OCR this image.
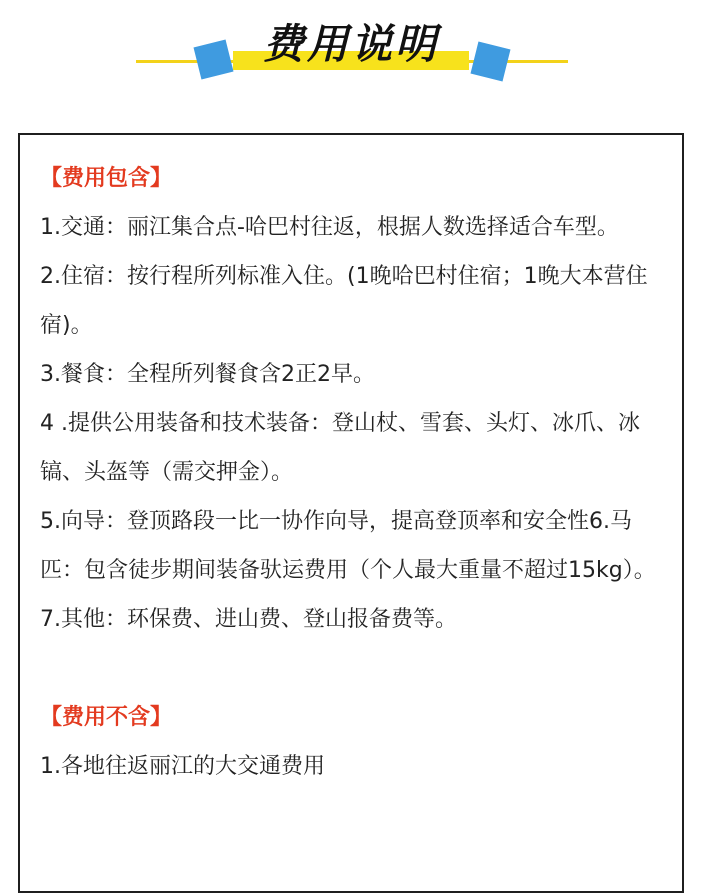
费用说明
【费用包含】
1.交通：丽江集合点-哈巴村往返，根据人数选择适合车型。
2.住宿：按行程所列标准入住。(1晚哈巴村住宿；1晚大本营住宿)。
3.餐食：全程所列餐食含2正2早。
4 .提供公用装备和技术装备：登山杖、雪套、头灯、冰爪、冰镐、头盔等（需交押金）。
5.向导：登顶路段一比一协作向导，提高登顶率和安全性6.马匹：包含徒步期间装备驮运费用（个人最大重量不超过15kg）。
7.其他：环保费、进山费、登山报备费等。
【费用不含】
1.各地往返丽江的大交通费用
